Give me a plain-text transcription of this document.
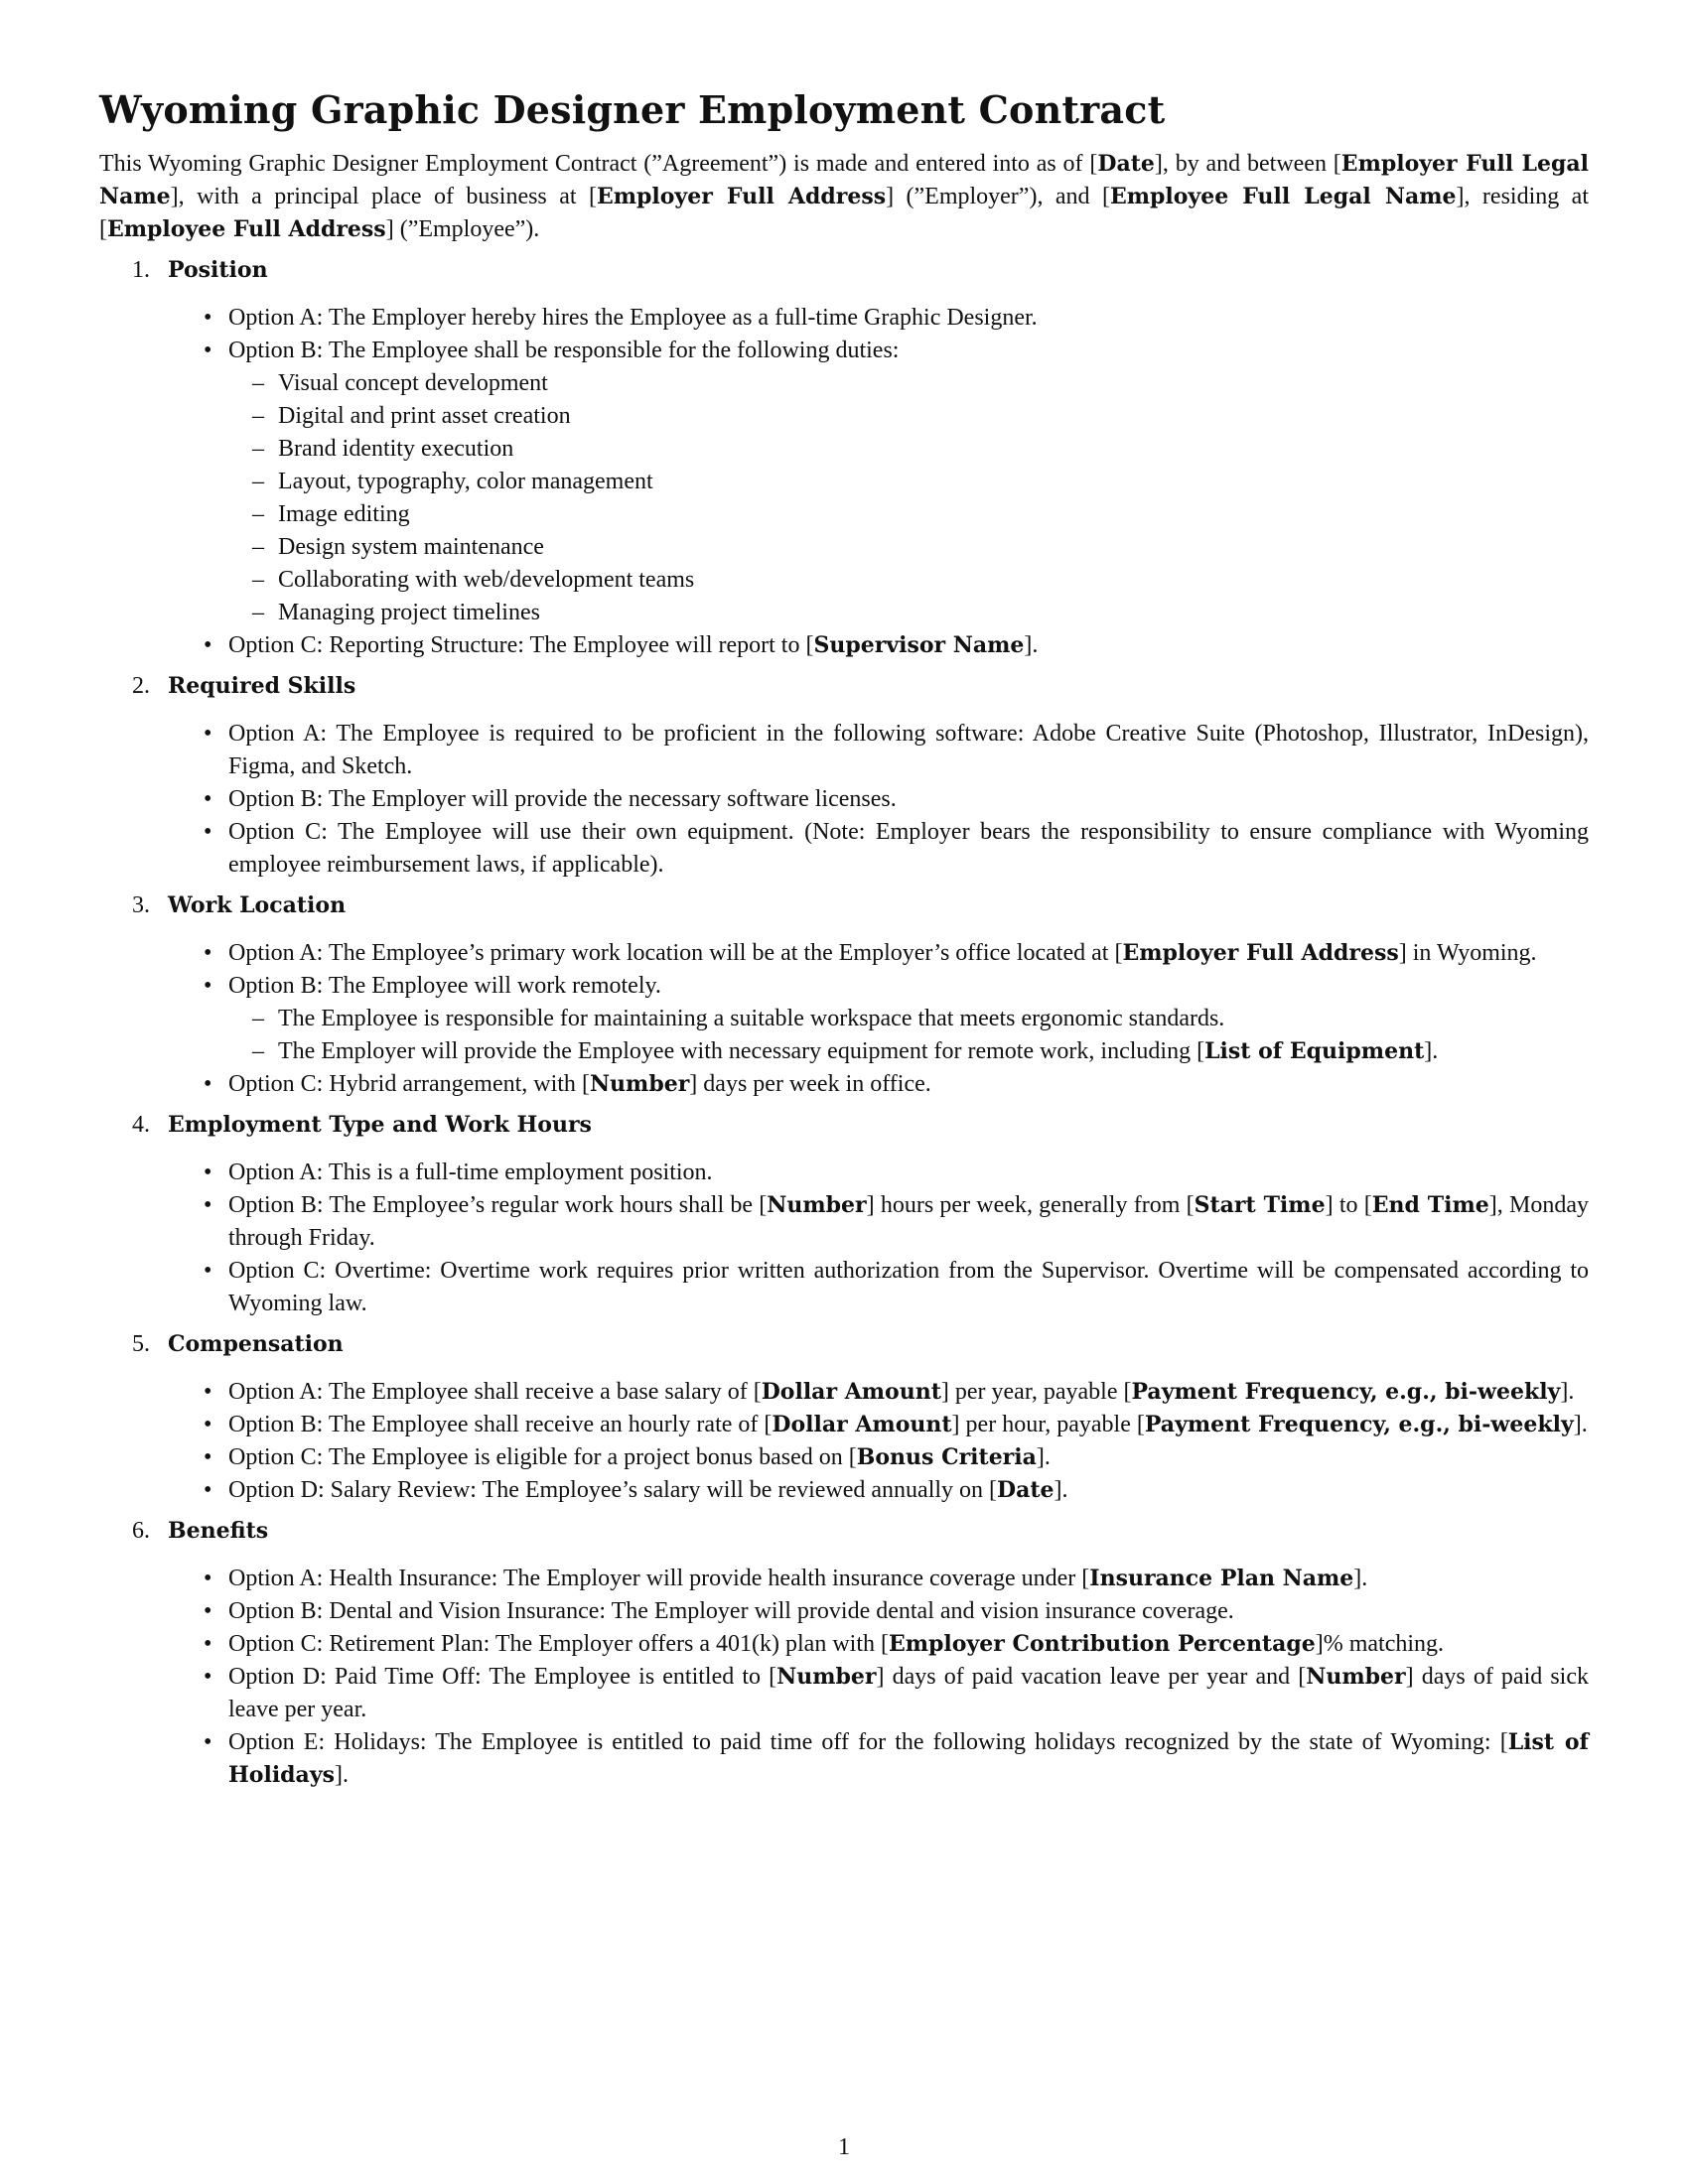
Wyoming Graphic Designer Employment Contract

This Wyoming Graphic Designer Employment Contract (”Agreement”) is made and entered into as of [Date], by and between [Employer Full Legal Name], with a principal place of business at [Employer Full Address] (”Employer”), and [Employee Full Legal Name], residing at [Employee Full Address] (”Employee”).

1. Position
• Option A: The Employer hereby hires the Employee as a full-time Graphic Designer.
• Option B: The Employee shall be responsible for the following duties:
– Visual concept development
– Digital and print asset creation
– Brand identity execution
– Layout, typography, color management
– Image editing
– Design system maintenance
– Collaborating with web/development teams
– Managing project timelines
• Option C: Reporting Structure: The Employee will report to [Supervisor Name].
2. Required Skills
• Option A: The Employee is required to be proficient in the following software: Adobe Creative Suite (Photoshop, Illustrator, InDesign), Figma, and Sketch.
• Option B: The Employer will provide the necessary software licenses.
• Option C: The Employee will use their own equipment. (Note: Employer bears the responsibility to ensure compliance with Wyoming employee reimbursement laws, if applicable).
3. Work Location
• Option A: The Employee’s primary work location will be at the Employer’s office located at [Employer Full Address] in Wyoming.
• Option B: The Employee will work remotely.
– The Employee is responsible for maintaining a suitable workspace that meets ergonomic standards.
– The Employer will provide the Employee with necessary equipment for remote work, including [List of Equipment].
• Option C: Hybrid arrangement, with [Number] days per week in office.
4. Employment Type and Work Hours
• Option A: This is a full-time employment position.
• Option B: The Employee’s regular work hours shall be [Number] hours per week, generally from [Start Time] to [End Time], Monday through Friday.
• Option C: Overtime: Overtime work requires prior written authorization from the Supervisor. Overtime will be compensated according to Wyoming law.
5. Compensation
• Option A: The Employee shall receive a base salary of [Dollar Amount] per year, payable [Payment Frequency, e.g., bi-weekly].
• Option B: The Employee shall receive an hourly rate of [Dollar Amount] per hour, payable [Payment Frequency, e.g., bi-weekly].
• Option C: The Employee is eligible for a project bonus based on [Bonus Criteria].
• Option D: Salary Review: The Employee’s salary will be reviewed annually on [Date].
6. Benefits
• Option A: Health Insurance: The Employer will provide health insurance coverage under [Insurance Plan Name].
• Option B: Dental and Vision Insurance: The Employer will provide dental and vision insurance coverage.
• Option C: Retirement Plan: The Employer offers a 401(k) plan with [Employer Contribution Percentage]% matching.
• Option D: Paid Time Off: The Employee is entitled to [Number] days of paid vacation leave per year and [Number] days of paid sick leave per year.
• Option E: Holidays: The Employee is entitled to paid time off for the following holidays recognized by the state of Wyoming: [List of Holidays].
1
